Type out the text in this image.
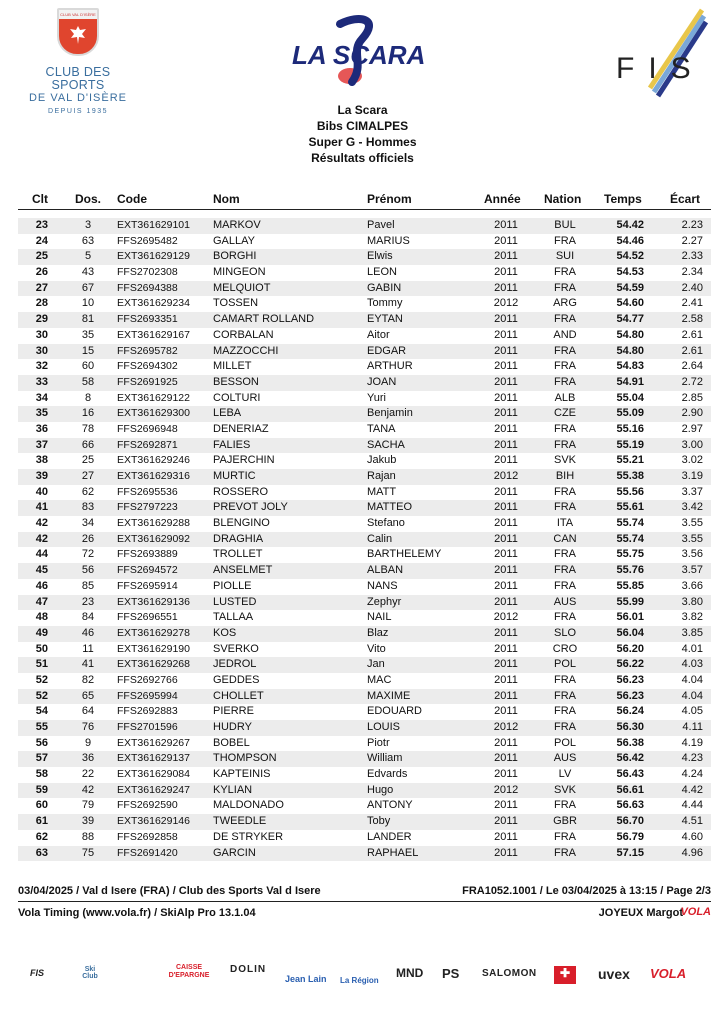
CLUB VAL D'ISÈRE
CLUB DES SPORTS
DE VAL D'ISÈRE
DEPUIS 1935
LA SCARA	FIS
La Scara
Bibs CIMALPES
Super G - Hommes
Résultats officiels
Clt Dos. Code	Nom	Prénom	Année Nation Temps Écart
23	3	EXT361629101 MARKOV	Pavel	2011	BUL	54.42	2.23
24	63	FFS2695482	GALLAY	MARIUS	2011	FRA	54.46	2.27
25	5	EXT361629129 BORGHI	Elwis	2011	SUI	54.52	2.33
26	43	FFS2702308	MINGEON	LEON	2011	FRA	54.53	2.34
27	67	FFS2694388	MELQUIOT	GABIN	2011	FRA	54.59	2.40
28	10	EXT361629234 TOSSEN	Tommy	2012	ARG	54.60	2.41
29	81	FFS2693351	CAMART ROLLAND	EYTAN	2011	FRA	54.77	2.58
30	35	EXT361629167 CORBALAN	Aitor	2011	AND	54.80	2.61
30	15	FFS2695782	MAZZOCCHI	EDGAR	2011	FRA	54.80	2.61
32	60	FFS2694302	MILLET	ARTHUR	2011	FRA	54.83	2.64
33	58	FFS2691925	BESSON	JOAN	2011	FRA	54.91	2.72
34	8	EXT361629122 COLTURI	Yuri	2011	ALB	55.04	2.85
35	16	EXT361629300 LEBA	Benjamin	2011	CZE	55.09	2.90
36	78	FFS2696948	DENERIAZ	TANA	2011	FRA	55.16	2.97
37	66	FFS2692871	FALIES	SACHA	2011	FRA	55.19	3.00
38	25	EXT361629246 PAJERCHIN	Jakub	2011	SVK	55.21	3.02
39	27	EXT361629316 MURTIC	Rajan	2012	BIH	55.38	3.19
40	62	FFS2695536	ROSSERO	MATT	2011	FRA	55.56	3.37
41	83	FFS2797223	PREVOT JOLY	MATTEO	2011	FRA	55.61	3.42
42	34	EXT361629288 BLENGINO	Stefano	2011	ITA	55.74	3.55
42	26	EXT361629092 DRAGHIA	Calin	2011	CAN	55.74	3.55
44	72	FFS2693889	TROLLET	BARTHELEMY	2011	FRA	55.75	3.56
45	56	FFS2694572	ANSELMET	ALBAN	2011	FRA	55.76	3.57
46	85	FFS2695914	PIOLLE	NANS	2011	FRA	55.85	3.66
47	23	EXT361629136 LUSTED	Zephyr	2011	AUS	55.99	3.80
48	84	FFS2696551	TALLAA	NAIL	2012	FRA	56.01	3.82
49	46	EXT361629278 KOS	Blaz	2011	SLO	56.04	3.85
50	11	EXT361629190 SVERKO	Vito	2011	CRO	56.20	4.01
51	41	EXT361629268 JEDROL	Jan	2011	POL	56.22	4.03
52	82	FFS2692766	GEDDES	MAC	2011	FRA	56.23	4.04
52	65	FFS2695994	CHOLLET	MAXIME	2011	FRA	56.23	4.04
54	64	FFS2692883	PIERRE	EDOUARD	2011	FRA	56.24	4.05
55	76	FFS2701596	HUDRY	LOUIS	2012	FRA	56.30	4.11
56	9	EXT361629267 BOBEL	Piotr	2011	POL	56.38	4.19
57	36	EXT361629137 THOMPSON	William	2011	AUS	56.42	4.23
58	22	EXT361629084 KAPTEINIS	Edvards	2011	LV	56.43	4.24
59	42	EXT361629247 KYLIAN	Hugo	2012	SVK	56.61	4.42
60	79	FFS2692590	MALDONADO	ANTONY	2011	FRA	56.63	4.44
61	39	EXT361629146 TWEEDLE	Toby	2011	GBR	56.70	4.51
62	88	FFS2692858	DE STRYKER	LANDER	2011	FRA	56.79	4.60
63	75	FFS2691420	GARCIN	RAPHAEL	2011	FRA	57.15	4.96
03/04/2025 / Val d Isere (FRA) / Club des Sports Val d Isere	FRA1052.1001 / Le 03/04/2025 à 13:15 / Page 2/3
Vola Timing (www.vola.fr) / SkiAlp Pro 13.1.04	JOYEUX Margot
VOLA
FIS	Ski Club
CAISSE D'EPARGNE
DOLIN
Jean Lain La Région
MND PS SALOMON	✚	uvex VOLA
